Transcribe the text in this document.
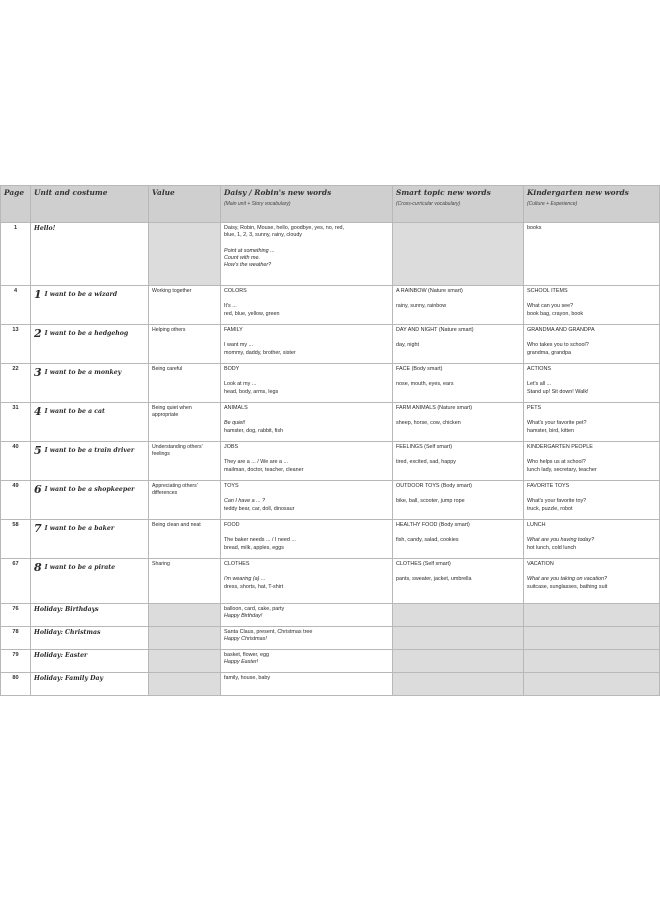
Page	Unit and costume	Value	Daisy / Robin's new words
(Main unit + Story vocabulary)	Smart topic new words
(Cross-curricular vocabulary)	Kindergarten new words
(Culture + Experience)

1	Hello!		Daisy, Robin, Mouse, hello, goodbye, yes, no, red,
blue, 1, 2, 3, sunny, rainy, cloudy
Point at something ...
Count with me.
How's the weather?		books
4	1 I want to be a wizard	Working together	COLORS
It's ...
red, blue, yellow, green	A RAINBOW (Nature smart)
rainy, sunny, rainbow	SCHOOL ITEMS
What can you see?
book bag, crayon, book

13	2 I want to be a hedgehog	Helping others	FAMILY
I want my ...
mommy, daddy, brother, sister	DAY AND NIGHT (Nature smart)
day, night	GRANDMA AND GRANDPA
Who takes you to school?
grandma, grandpa

22	3 I want to be a monkey	Being careful	BODY
Look at my ...
head, body, arms, legs	FACE (Body smart)
nose, mouth, eyes, ears	ACTIONS
Let's all ...
Stand up! Sit down! Walk!

31	4 I want to be a cat	Being quiet when appropriate	ANIMALS
Be quiet!
hamster, dog, rabbit, fish	FARM ANIMALS (Nature smart)
sheep, horse, cow, chicken	PETS
What's your favorite pet?
hamster, bird, kitten

40	5 I want to be a train driver	Understanding others' feelings	JOBS
They are a ... / We are a ...
mailman, doctor, teacher, cleaner	FEELINGS (Self smart)
tired, excited, sad, happy	KINDERGARTEN PEOPLE
Who helps us at school?
lunch lady, secretary, teacher

49	6 I want to be a shopkeeper	Appreciating others' differences	TOYS
Can I have a ... ?
teddy bear, car, doll, dinosaur	OUTDOOR TOYS (Body smart)
bike, ball, scooter, jump rope	FAVORITE TOYS
What's your favorite toy?
truck, puzzle, robot

58	7 I want to be a baker	Being clean and neat	FOOD
The baker needs ... / I need ...
bread, milk, apples, eggs	HEALTHY FOOD (Body smart)
fish, candy, salad, cookies	LUNCH
What are you having today?
hot lunch, cold lunch

67	8 I want to be a pirate	Sharing	CLOTHES
I'm wearing (a) ...
dress, shorts, hat, T-shirt	CLOTHES (Self smart)
pants, sweater, jacket, umbrella	VACATION
What are you taking on vacation?
suitcase, sunglasses, bathing suit

76	Holiday: Birthdays		balloon, card, cake, party
Happy Birthday!		

78	Holiday: Christmas		Santa Claus, present, Christmas tree
Happy Christmas!		

79	Holiday: Easter		basket, flower, egg
Happy Easter!		

80	Holiday: Family Day		family, house, baby		
